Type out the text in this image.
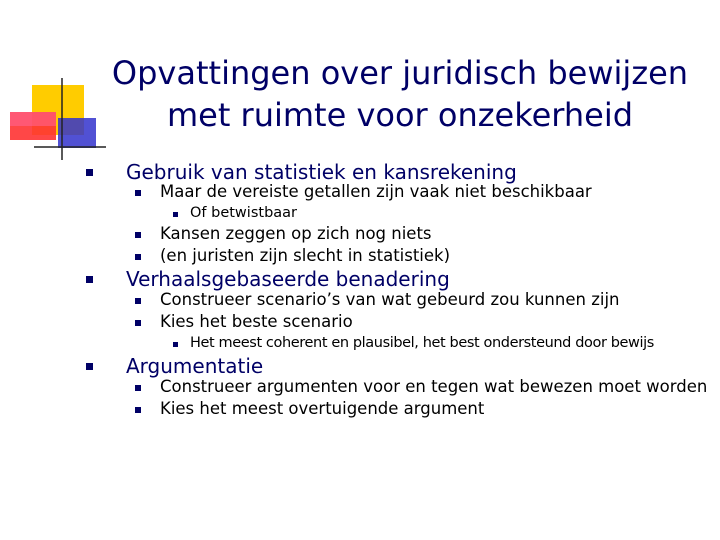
Opvattingen over juridisch bewijzen
met ruimte voor onzekerheid
Gebruik van statistiek en kansrekening
Maar de vereiste getallen zijn vaak niet beschikbaar
Of betwistbaar
Kansen zeggen op zich nog niets
(en juristen zijn slecht in statistiek)
Verhaalsgebaseerde benadering
Construeer scenario’s van wat gebeurd zou kunnen zijn
Kies het beste scenario
Het meest coherent en plausibel, het best ondersteund door bewijs
Argumentatie
Construeer argumenten voor en tegen wat bewezen moet worden
Kies het meest overtuigende argument
